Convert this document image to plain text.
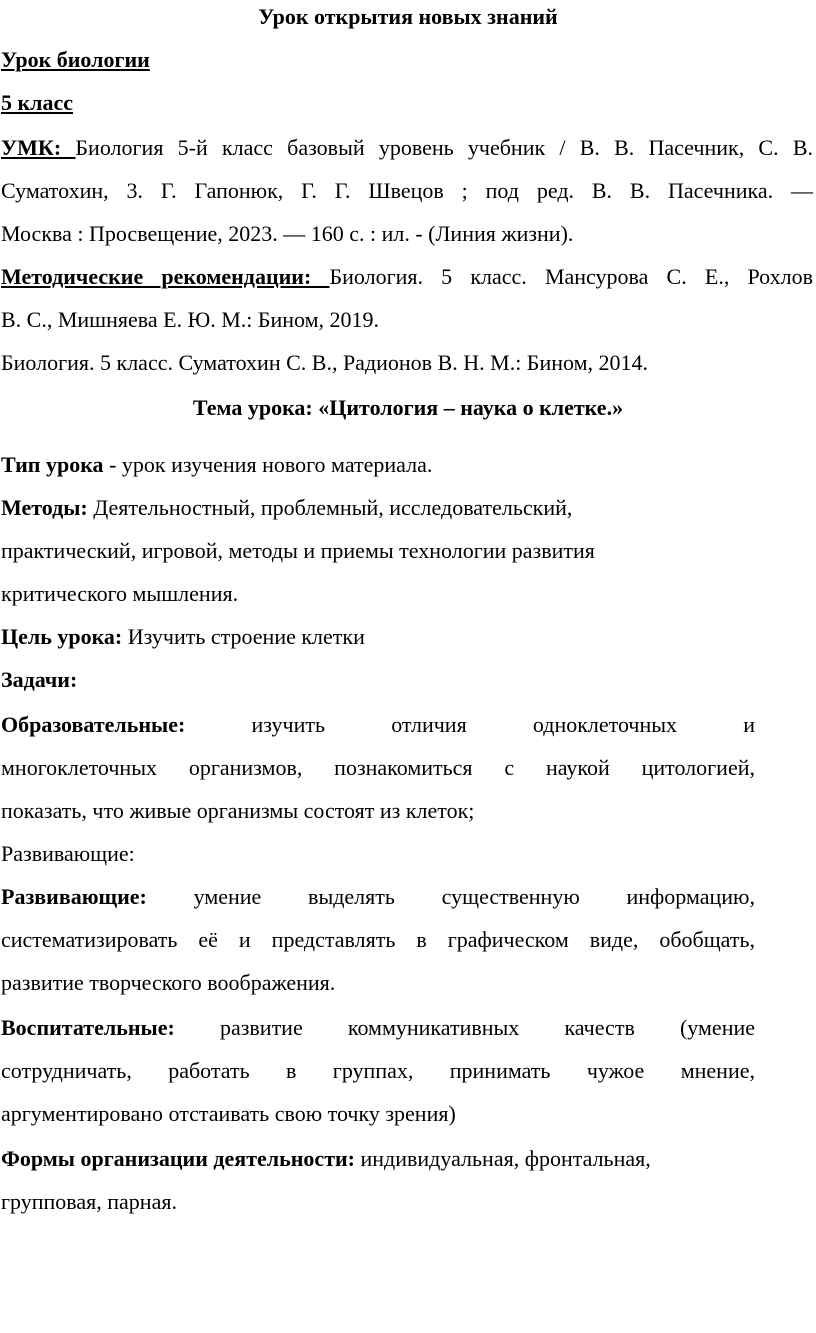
Урок открытия новых знаний
Урок биологии
5 класс
УМК: Биология 5-й класс базовый уровень учебник / В. В. Пасечник, С. В.
Суматохин, 3. Г. Гапонюк, Г. Г. Швецов ; под ред. В. В. Пасечника. —
Москва : Просвещение, 2023. — 160 с. : ил. - (Линия жизни).
Методические рекомендации: Биология. 5 класс. Мансурова С. Е., Рохлов
В. С., Мишняева Е. Ю. М.: Бином, 2019.
Биология. 5 класс. Суматохин С. В., Радионов В. Н. М.: Бином, 2014.
Тема урока: «Цитология – наука о клетке.»
Тип урока - урок изучения нового материала.
Методы: Деятельностный, проблемный, исследовательский,
практический, игровой, методы и приемы технологии развития
критического мышления.
Цель урока: Изучить строение клетки
Задачи:
Образовательные:	изучить отличия одноклеточных и
многоклеточных организмов, познакомиться с наукой цитологией,
показать, что живые организмы состоят из клеток;
Развивающие:
Развивающие: умение выделять существенную информацию,
систематизировать её и представлять в графическом виде, обобщать,
развитие творческого воображения.
Воспитательные: развитие коммуникативных качеств (умение
сотрудничать, работать в группах, принимать чужое мнение,
аргументировано отстаивать свою точку зрения)
Формы организации деятельности: индивидуальная, фронтальная,
групповая, парная.
